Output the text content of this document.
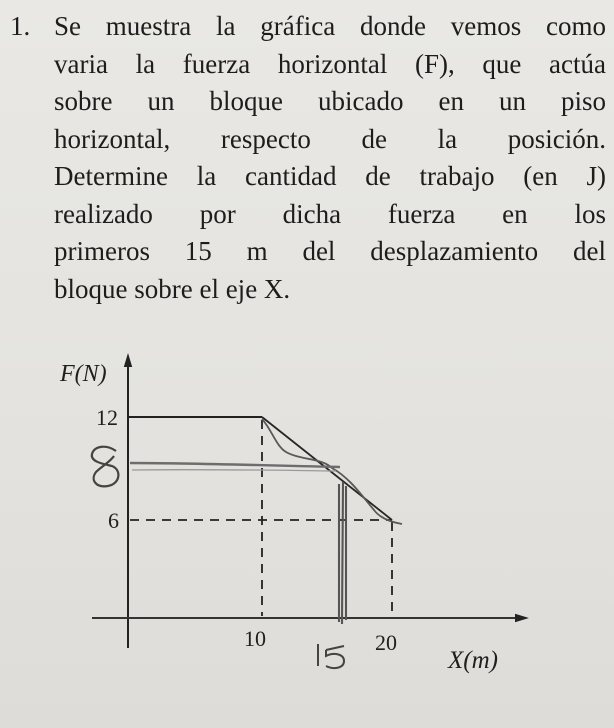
1. Se muestra la gráfica donde vemos como
varia la fuerza horizontal (F), que actúa
sobre un bloque ubicado en un piso
horizontal, respecto de la posición.
Determine la cantidad de trabajo (en J)
realizado por dicha fuerza en los
primeros 15 m del desplazamiento del
bloque sobre el eje X.
F(N)
X(m)
12
6
10	20
